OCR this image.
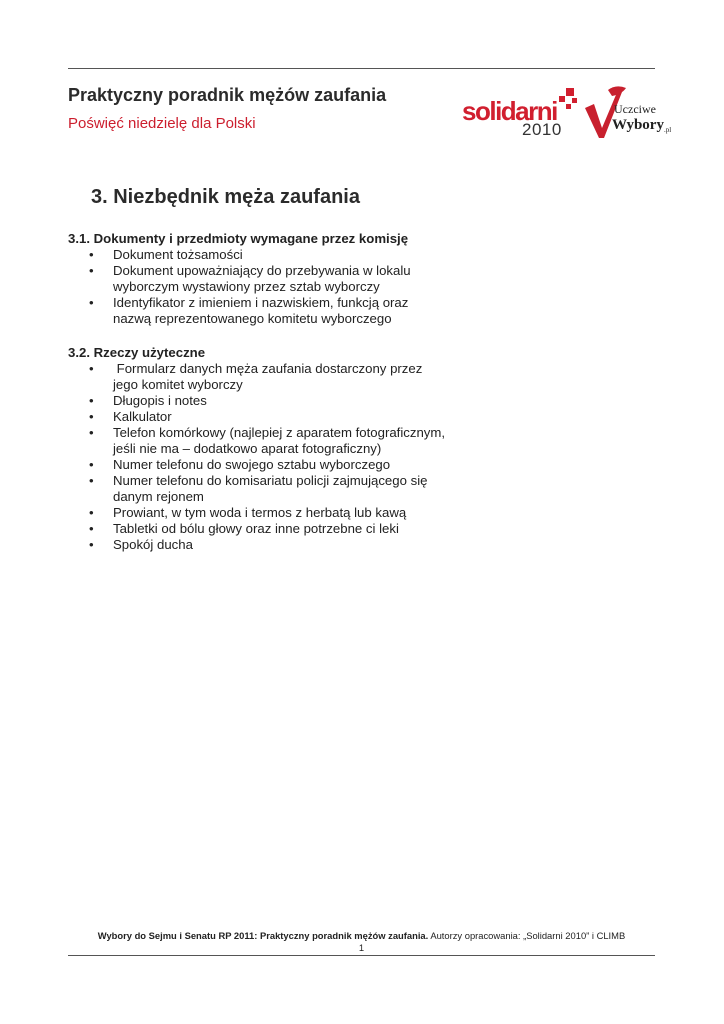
Praktyczny poradnik mężów zaufania
Poświęć niedzielę dla Polski	solidarni
2010
Uczciwe
Wybory .pl
3. Niezbędnik męża zaufania

3.1. Dokumenty i przedmioty wymagane przez komisję

• Dokument tożsamości
• Dokument upoważniający do przebywania w lokalu
wyborczym wystawiony przez sztab wyborczy
• Identyfikator z imieniem i nazwiskiem, funkcją oraz
nazwą reprezentowanego komitetu wyborczego

3.2. Rzeczy użyteczne

• Formularz danych męża zaufania dostarczony przez
jego komitet wyborczy
• Długopis i notes
• Kalkulator
• Telefon komórkowy (najlepiej z aparatem fotograficznym,
jeśli nie ma – dodatkowo aparat fotograficzny)
• Numer telefonu do swojego sztabu wyborczego
• Numer telefonu do komisariatu policji zajmującego się
danym rejonem
• Prowiant, w tym woda i termos z herbatą lub kawą
• Tabletki od bólu głowy oraz inne potrzebne ci leki
• Spokój ducha
Wybory do Sejmu i Senatu RP 2011: Praktyczny poradnik mężów zaufania. Autorzy opracowania: „Solidarni 2010” i CLIMB
1
